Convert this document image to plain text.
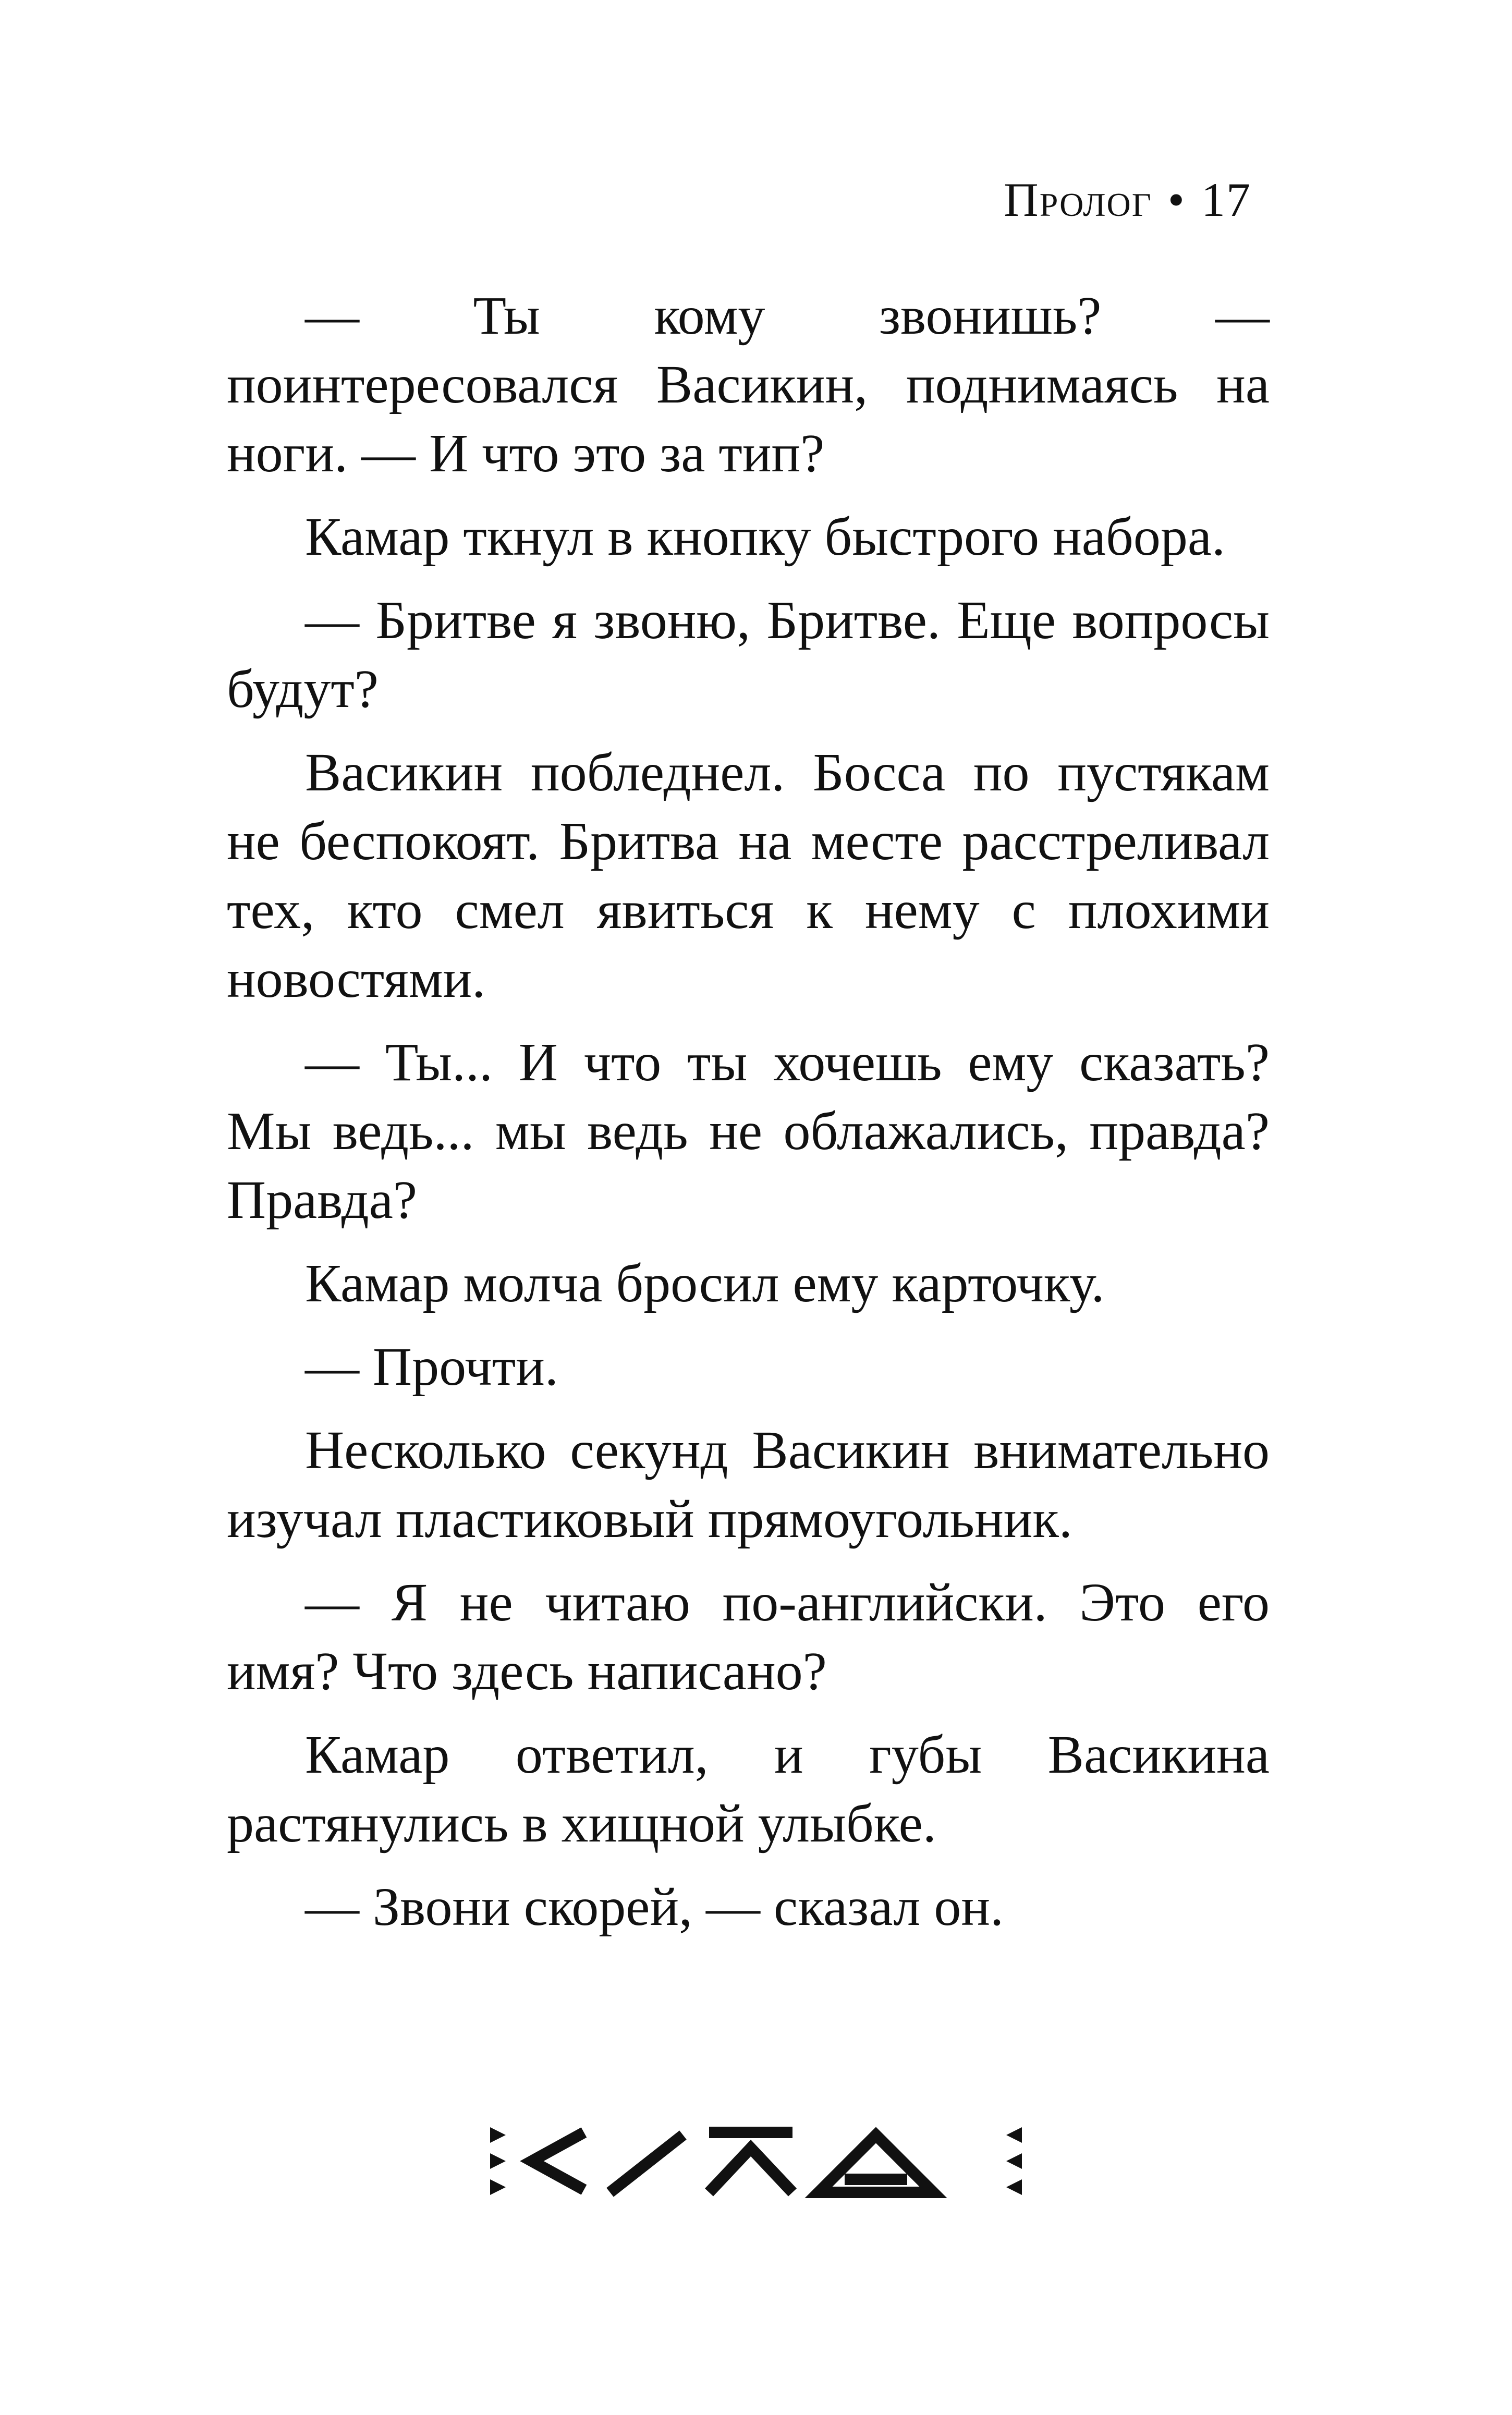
Пролог • 17

— Ты кому звонишь? — поинтересовался Васикин, поднимаясь на ноги. — И что это за тип?

Камар ткнул в кнопку быстрого набора.

— Бритве я звоню, Бритве. Еще вопросы будут?

Васикин побледнел. Босса по пустякам не беспокоят. Бритва на месте расстреливал тех, кто смел явиться к нему с плохими новостями.

— Ты... И что ты хочешь ему сказать? Мы ведь... мы ведь не облажались, правда? Правда?

Камар молча бросил ему карточку.

— Прочти.

Несколько секунд Васикин внимательно изучал пластиковый прямоугольник.

— Я не читаю по-английски. Это его имя? Что здесь написано?

Камар ответил, и губы Васикина растянулись в хищной улыбке.

— Звони скорей, — сказал он.
